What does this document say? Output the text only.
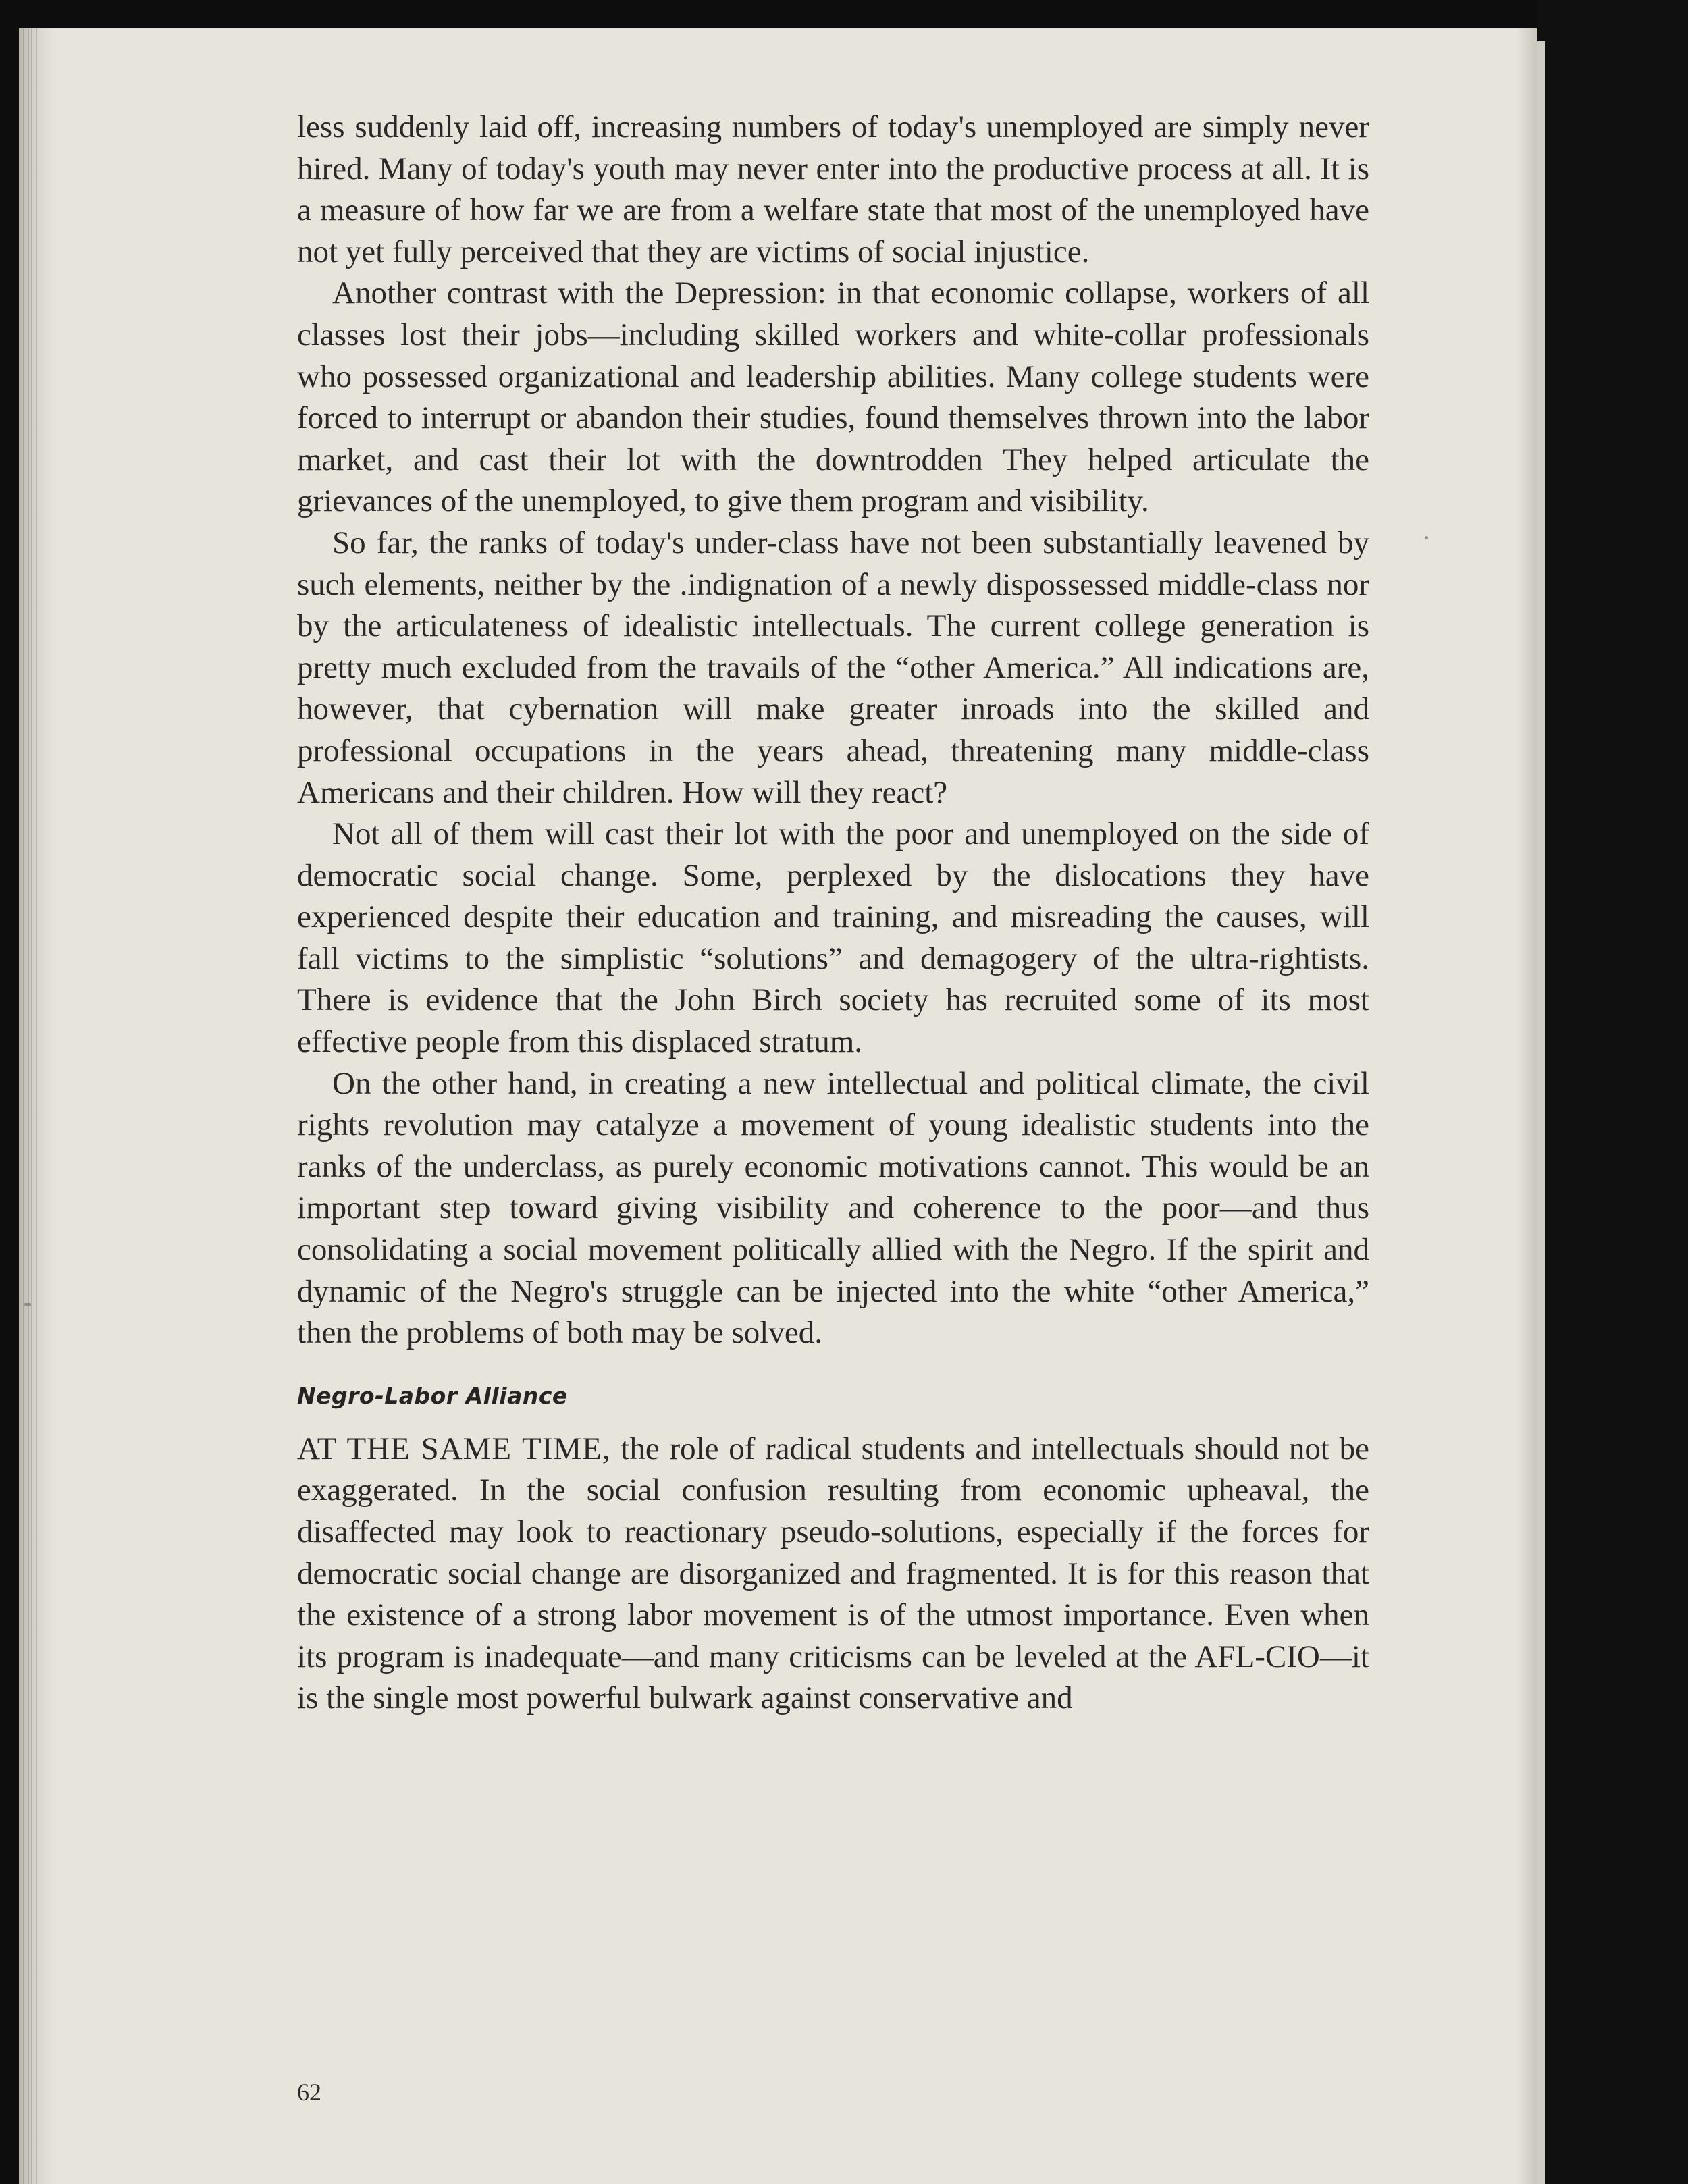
less suddenly laid off, increasing numbers of today's unemployed are simply never hired. Many of today's youth may never enter into the productive process at all. It is a measure of how far we are from a welfare state that most of the unemployed have not yet fully perceived that they are victims of social injustice.

Another contrast with the Depression: in that economic collapse, workers of all classes lost their jobs—including skilled workers and white-collar professionals who possessed organizational and leadership abilities. Many college students were forced to interrupt or abandon their studies, found themselves thrown into the labor market, and cast their lot with the downtrodden They helped articulate the grievances of the unemployed, to give them program and visibility.

So far, the ranks of today's under-class have not been substantially leavened by such elements, neither by the .indignation of a newly dispossessed middle-class nor by the articulateness of idealistic intellectuals. The current college generation is pretty much excluded from the travails of the “other America.” All indications are, however, that cybernation will make greater inroads into the skilled and professional occupations in the years ahead, threatening many middle-class Americans and their children. How will they react?

Not all of them will cast their lot with the poor and unemployed on the side of democratic social change. Some, perplexed by the dislocations they have experienced despite their education and training, and misreading the causes, will fall victims to the simplistic “solutions” and demagogery of the ultra-rightists. There is evidence that the John Birch society has recruited some of its most effective people from this displaced stratum.

On the other hand, in creating a new intellectual and political climate, the civil rights revolution may catalyze a movement of young idealistic students into the ranks of the underclass, as purely economic motivations cannot. This would be an important step toward giving visibility and coherence to the poor—and thus consolidating a social movement politically allied with the Negro. If the spirit and dynamic of the Negro's struggle can be injected into the white “other America,” then the problems of both may be solved.

Negro-Labor Alliance

AT THE SAME TIME, the role of radical students and intellectuals should not be exaggerated. In the social confusion resulting from economic upheaval, the disaffected may look to reactionary pseudo-solutions, especially if the forces for democratic social change are disorganized and fragmented. It is for this reason that the existence of a strong labor movement is of the utmost importance. Even when its program is inadequate—and many criticisms can be leveled at the AFL-CIO—it is the single most powerful bulwark against conservative and

62
